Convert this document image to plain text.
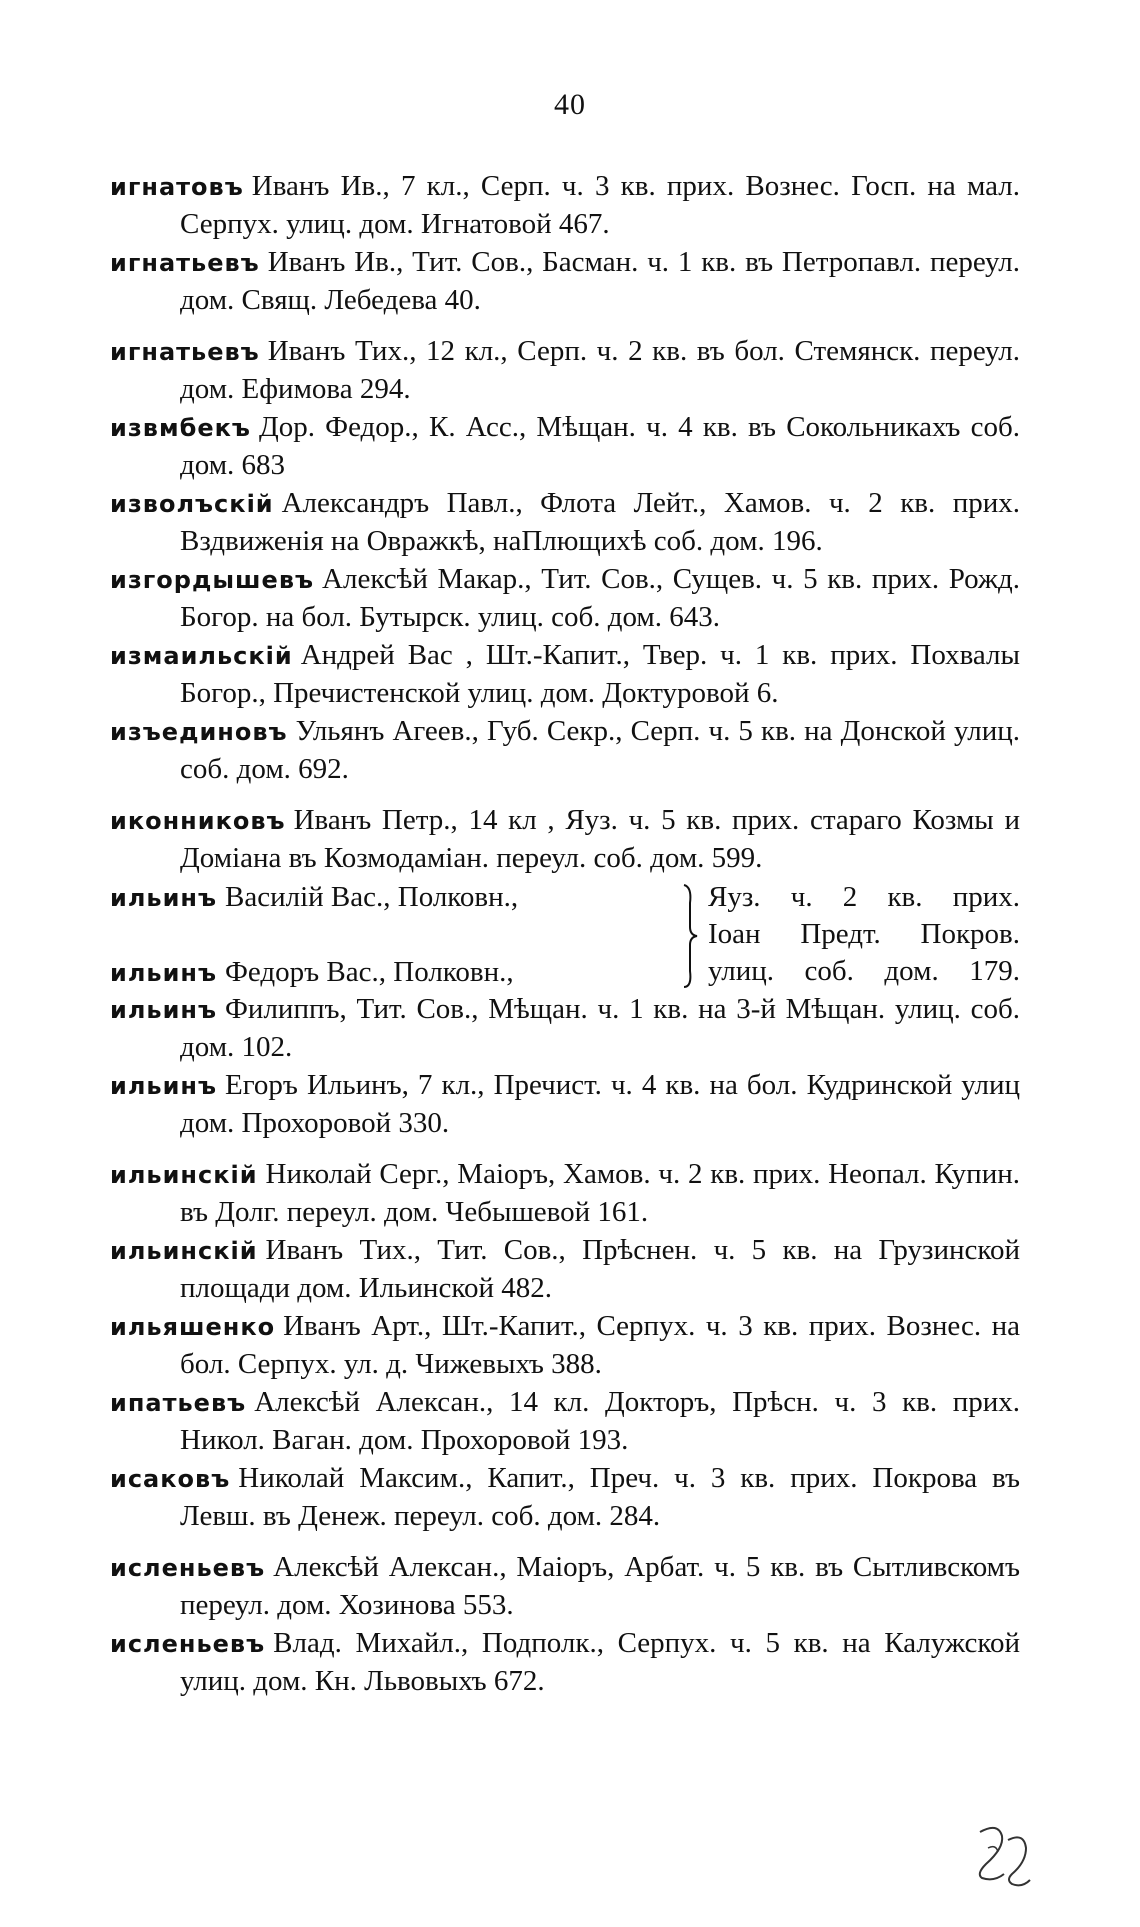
40
игнатовъ Иванъ Ив., 7 кл., Серп. ч. 3 кв. прих. Вознес. Госп. на мал. Серпух. улиц. дом. Игнатовой 467.
игнатьевъ Иванъ Ив., Тит. Сов., Басман. ч. 1 кв. въ Петропавл. переул. дом. Свящ. Лебедева 40.
игнатьевъ Иванъ Тих., 12 кл., Серп. ч. 2 кв. въ бол. Стемянск. переул. дом. Ефимова 294.
извмбекъ Дор. Федор., К. Асс., Мѣщан. ч. 4 кв. въ Сокольникахъ соб. дом. 683
изволъскій Александръ Павл., Флота Лейт., Хамов. ч. 2 кв. прих. Вздвиженія на Овражкѣ, наПлющихѣ соб. дом. 196.
изгордышевъ Алексѣй Макар., Тит. Сов., Сущев. ч. 5 кв. прих. Рожд. Богор. на бол. Бутырск. улиц. соб. дом. 643.
измаильскій Андрей Вас , Шт.-Капит., Твер. ч. 1 кв. прих. Похвалы Богор., Пречистенской улиц. дом. Доктуровой 6.
изъединовъ Ульянъ Агеев., Губ. Секр., Серп. ч. 5 кв. на Донской улиц. соб. дом. 692.
иконниковъ Иванъ Петр., 14 кл , Яуз. ч. 5 кв. прих. стараго Козмы и Доміана въ Козмодаміан. переул. соб. дом. 599.
ильинъ Василій Вас., Полковн.,
ильинъ Федоръ Вас., Полковн.,
Яуз. ч. 2 кв. прих.
Іоан Предт. Покров.
улиц. соб. дом. 179.
ильинъ Филиппъ, Тит. Сов., Мѣщан. ч. 1 кв. на 3-й Мѣщан. улиц. соб. дом. 102.
ильинъ Егоръ Ильинъ, 7 кл., Пречист. ч. 4 кв. на бол. Кудринской улиц дом. Прохоровой 330.
ильинскій Николай Серг., Маіоръ, Хамов. ч. 2 кв. прих. Неопал. Купин. въ Долг. переул. дом. Чебышевой 161.
ильинскій Иванъ Тих., Тит. Сов., Прѣснен. ч. 5 кв. на Грузинской площади дом. Ильинской 482.
ильяшенко Иванъ Арт., Шт.-Капит., Серпух. ч. 3 кв. прих. Вознес. на бол. Серпух. ул. д. Чижевыхъ 388.
ипатьевъ Алексѣй Алексан., 14 кл. Докторъ, Прѣсн. ч. 3 кв. прих. Никол. Ваган. дом. Прохоровой 193.
исаковъ Николай Максим., Капит., Преч. ч. 3 кв. прих. Покрова въ Левш. въ Денеж. переул. соб. дом. 284.
исленьевъ Алексѣй Алексан., Маіоръ, Арбат. ч. 5 кв. въ Сытливскомъ переул. дом. Хозинова 553.
исленьевъ Влад. Михайл., Подполк., Серпух. ч. 5 кв. на Калужской улиц. дом. Кн. Львовыхъ 672.
